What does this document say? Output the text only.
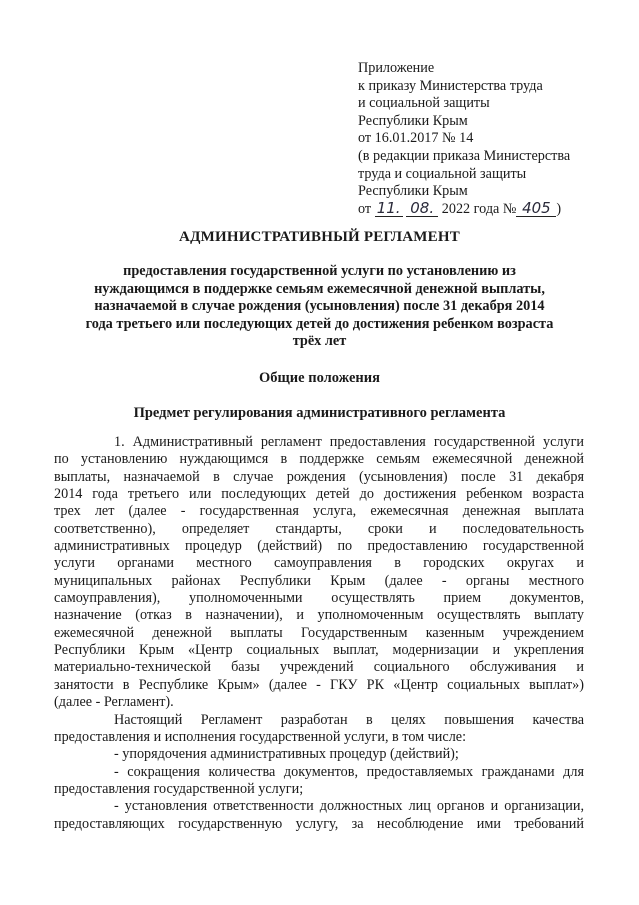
Приложение
к приказу Министерства труда
и социальной защиты
Республики Крым
от 16.01.2017 № 14
(в редакции приказа Министерства
труда и социальной защиты
Республики Крым
от 11. 08. 2022 года № 405 )
АДМИНИСТРАТИВНЫЙ РЕГЛАМЕНТ
предоставления государственной услуги по установлению из
нуждающимся в поддержке семьям ежемесячной денежной выплаты,
назначаемой в случае рождения (усыновления) после 31 декабря 2014
года третьего или последующих детей до достижения ребенком возраста
трёх лет
Общие положения
Предмет регулирования административного регламента
1. Административный регламент предоставления государственной услуги
по установлению нуждающимся в поддержке семьям ежемесячной денежной
выплаты, назначаемой в случае рождения (усыновления) после 31 декабря
2014 года третьего или последующих детей до достижения ребенком возраста
трех лет (далее - государственная услуга, ежемесячная денежная выплата
соответственно), определяет стандарты, сроки и последовательность
административных процедур (действий) по предоставлению государственной
услуги органами местного самоуправления в городских округах и
муниципальных районах Республики Крым (далее - органы местного
самоуправления), уполномоченными осуществлять прием документов,
назначение (отказ в назначении), и уполномоченным осуществлять выплату
ежемесячной денежной выплаты Государственным казенным учреждением
Республики Крым «Центр социальных выплат, модернизации и укрепления
материально-технической базы учреждений социального обслуживания и
занятости в Республике Крым» (далее - ГКУ РК «Центр социальных выплат»)
(далее - Регламент).
Настоящий Регламент разработан в целях повышения качества
предоставления и исполнения государственной услуги, в том числе:
- упорядочения административных процедур (действий);
- сокращения количества документов, предоставляемых гражданами для
предоставления государственной услуги;
- установления ответственности должностных лиц органов и организации,
предоставляющих государственную услугу, за несоблюдение ими требований
